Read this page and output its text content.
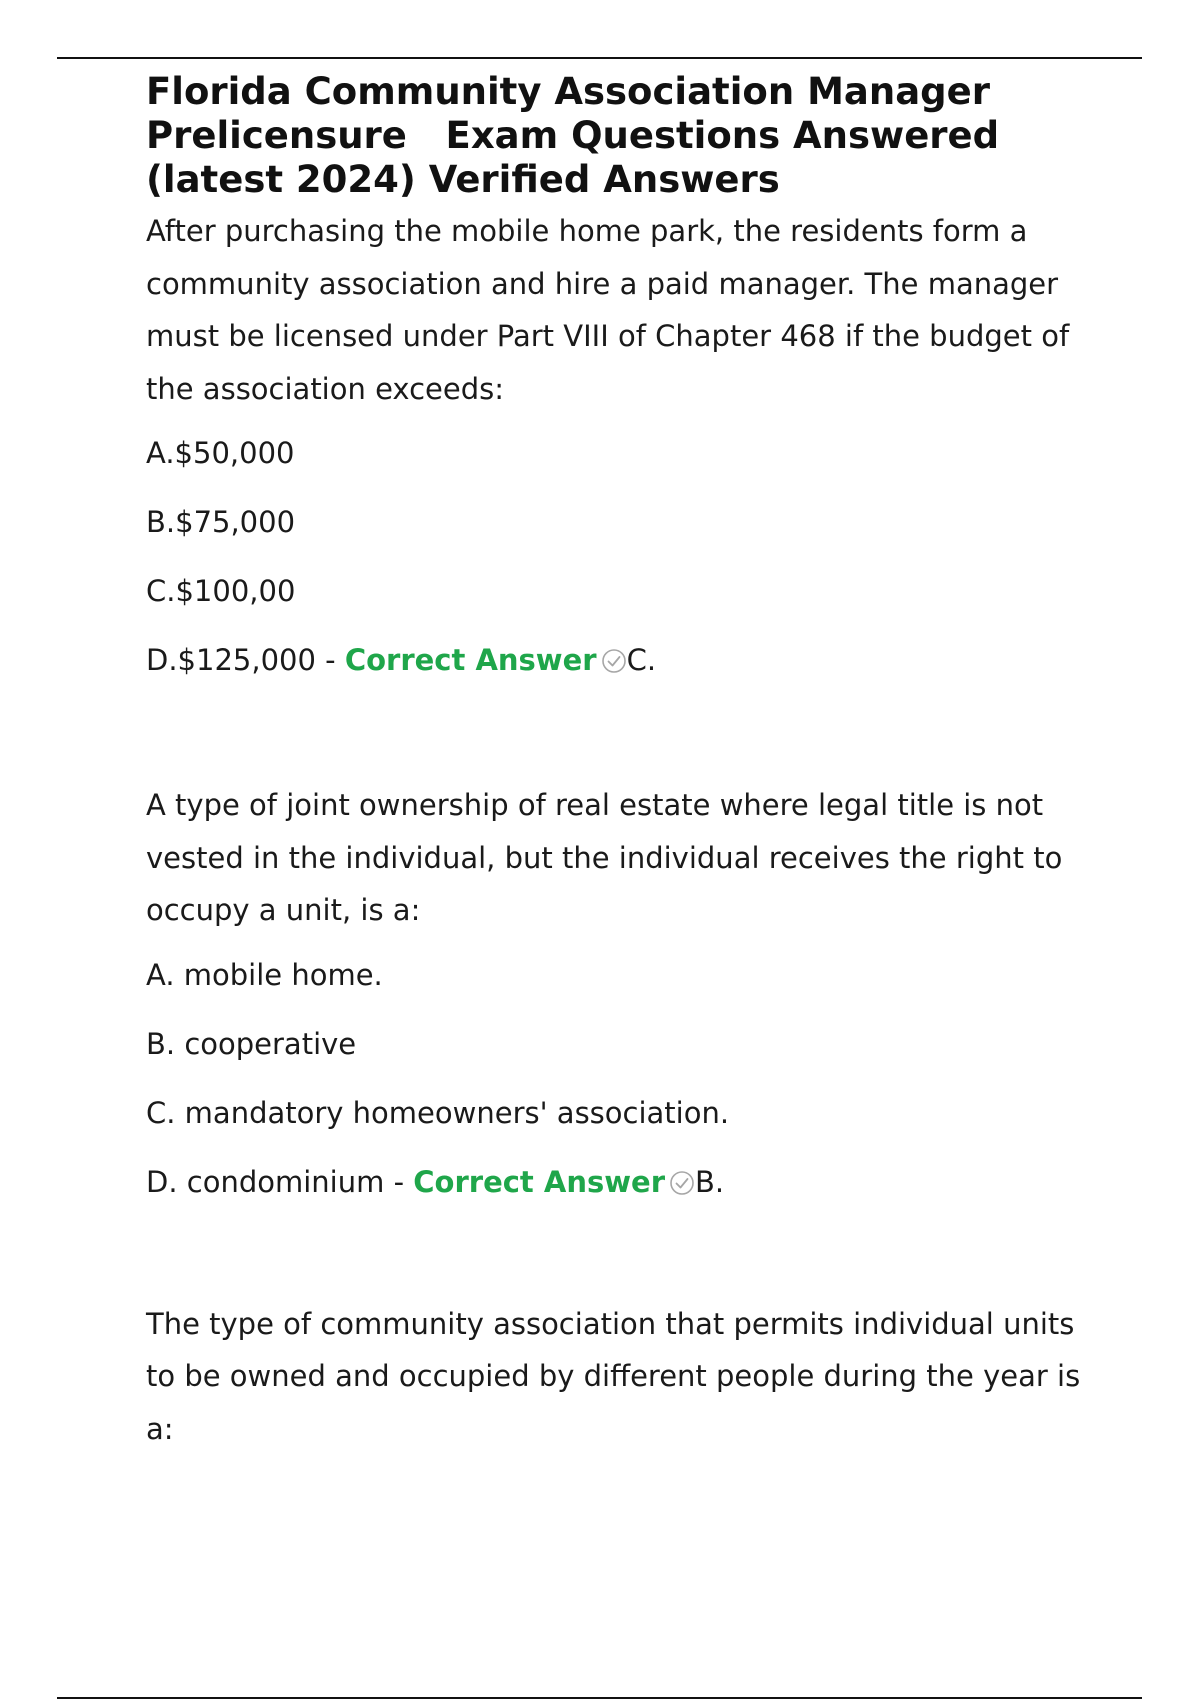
Florida Community Association Manager Prelicensure   Exam Questions Answered (latest 2024) Verified Answers

After purchasing the mobile home park, the residents form a community association and hire a paid manager. The manager must be licensed under Part VIII of Chapter 468 if the budget of the association exceeds:

A.$50,000
B.$75,000
C.$100,00
D.$125,000 - Correct Answer C.

A type of joint ownership of real estate where legal title is not vested in the individual, but the individual receives the right to occupy a unit, is a:

A. mobile home.
B. cooperative
C. mandatory homeowners' association.
D. condominium - Correct Answer B.

The type of community association that permits individual units to be owned and occupied by different people during the year is a:
